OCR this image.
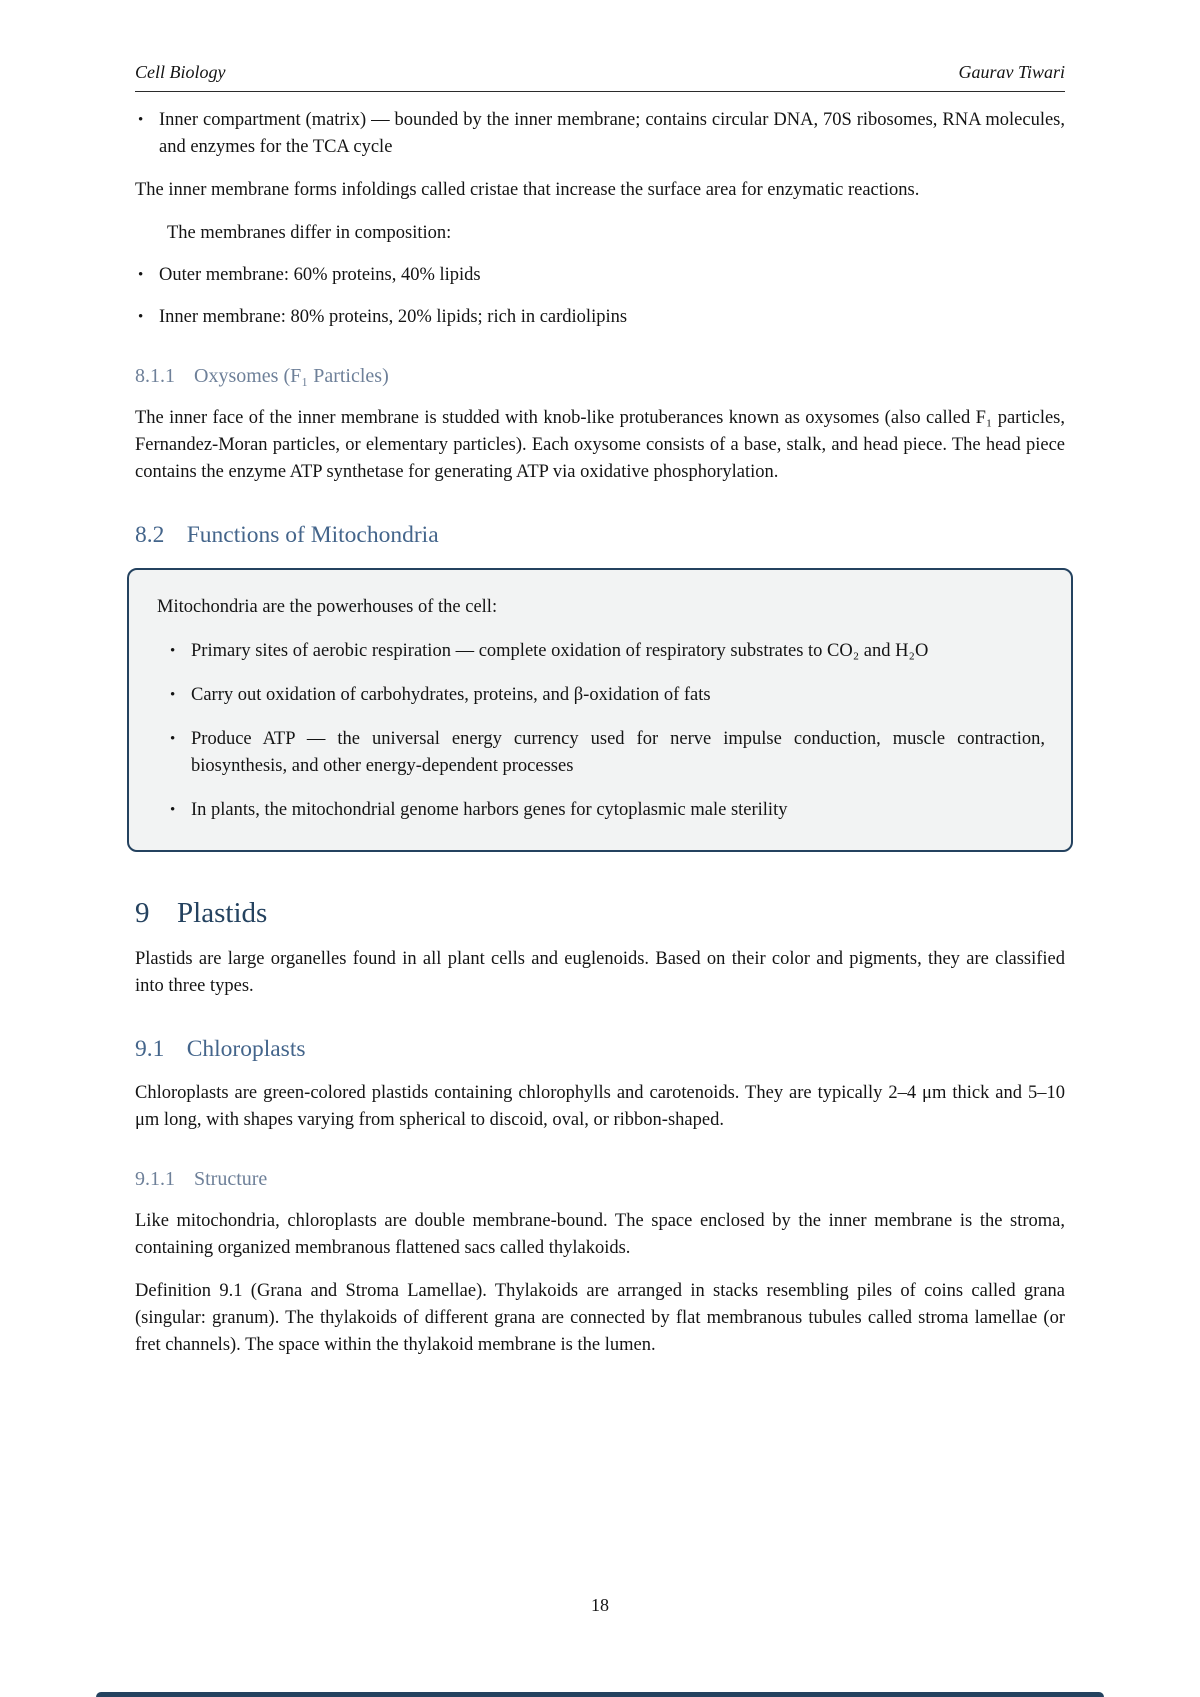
Cell Biology	Gaurav Tiwari
• Inner compartment (matrix) — bounded by the inner membrane; contains circular DNA, 70S ribosomes, RNA molecules, and enzymes for the TCA cycle

The inner membrane forms infoldings called cristae that increase the surface area for enzymatic reactions.

The membranes differ in composition:

• Outer membrane: 60% proteins, 40% lipids
• Inner membrane: 80% proteins, 20% lipids; rich in cardiolipins
8.1.1 Oxysomes (F₁ Particles)

The inner face of the inner membrane is studded with knob-like protuberances known as oxysomes (also called F₁ particles, Fernandez-Moran particles, or elementary particles). Each oxysome consists of a base, stalk, and head piece. The head piece contains the enzyme ATP synthetase for generating ATP via oxidative phosphorylation.

8.2 Functions of Mitochondria

Mitochondria are the powerhouses of the cell:

• Primary sites of aerobic respiration — complete oxidation of respiratory substrates to CO₂ and H₂O
• Carry out oxidation of carbohydrates, proteins, and β-oxidation of fats
• Produce ATP — the universal energy currency used for nerve impulse conduction, muscle contraction, biosynthesis, and other energy-dependent processes
• In plants, the mitochondrial genome harbors genes for cytoplasmic male sterility
9 Plastids

Plastids are large organelles found in all plant cells and euglenoids. Based on their color and pigments, they are classified into three types.

9.1 Chloroplasts

Chloroplasts are green-colored plastids containing chlorophylls and carotenoids. They are typically 2–4 μm thick and 5–10 μm long, with shapes varying from spherical to discoid, oval, or ribbon-shaped.

9.1.1 Structure

Like mitochondria, chloroplasts are double membrane-bound. The space enclosed by the inner membrane is the stroma, containing organized membranous flattened sacs called thylakoids.

Definition 9.1 (Grana and Stroma Lamellae). Thylakoids are arranged in stacks resembling piles of coins called grana (singular: granum). The thylakoids of different grana are connected by flat membranous tubules called stroma lamellae (or fret channels). The space within the thylakoid membrane is the lumen.

18
